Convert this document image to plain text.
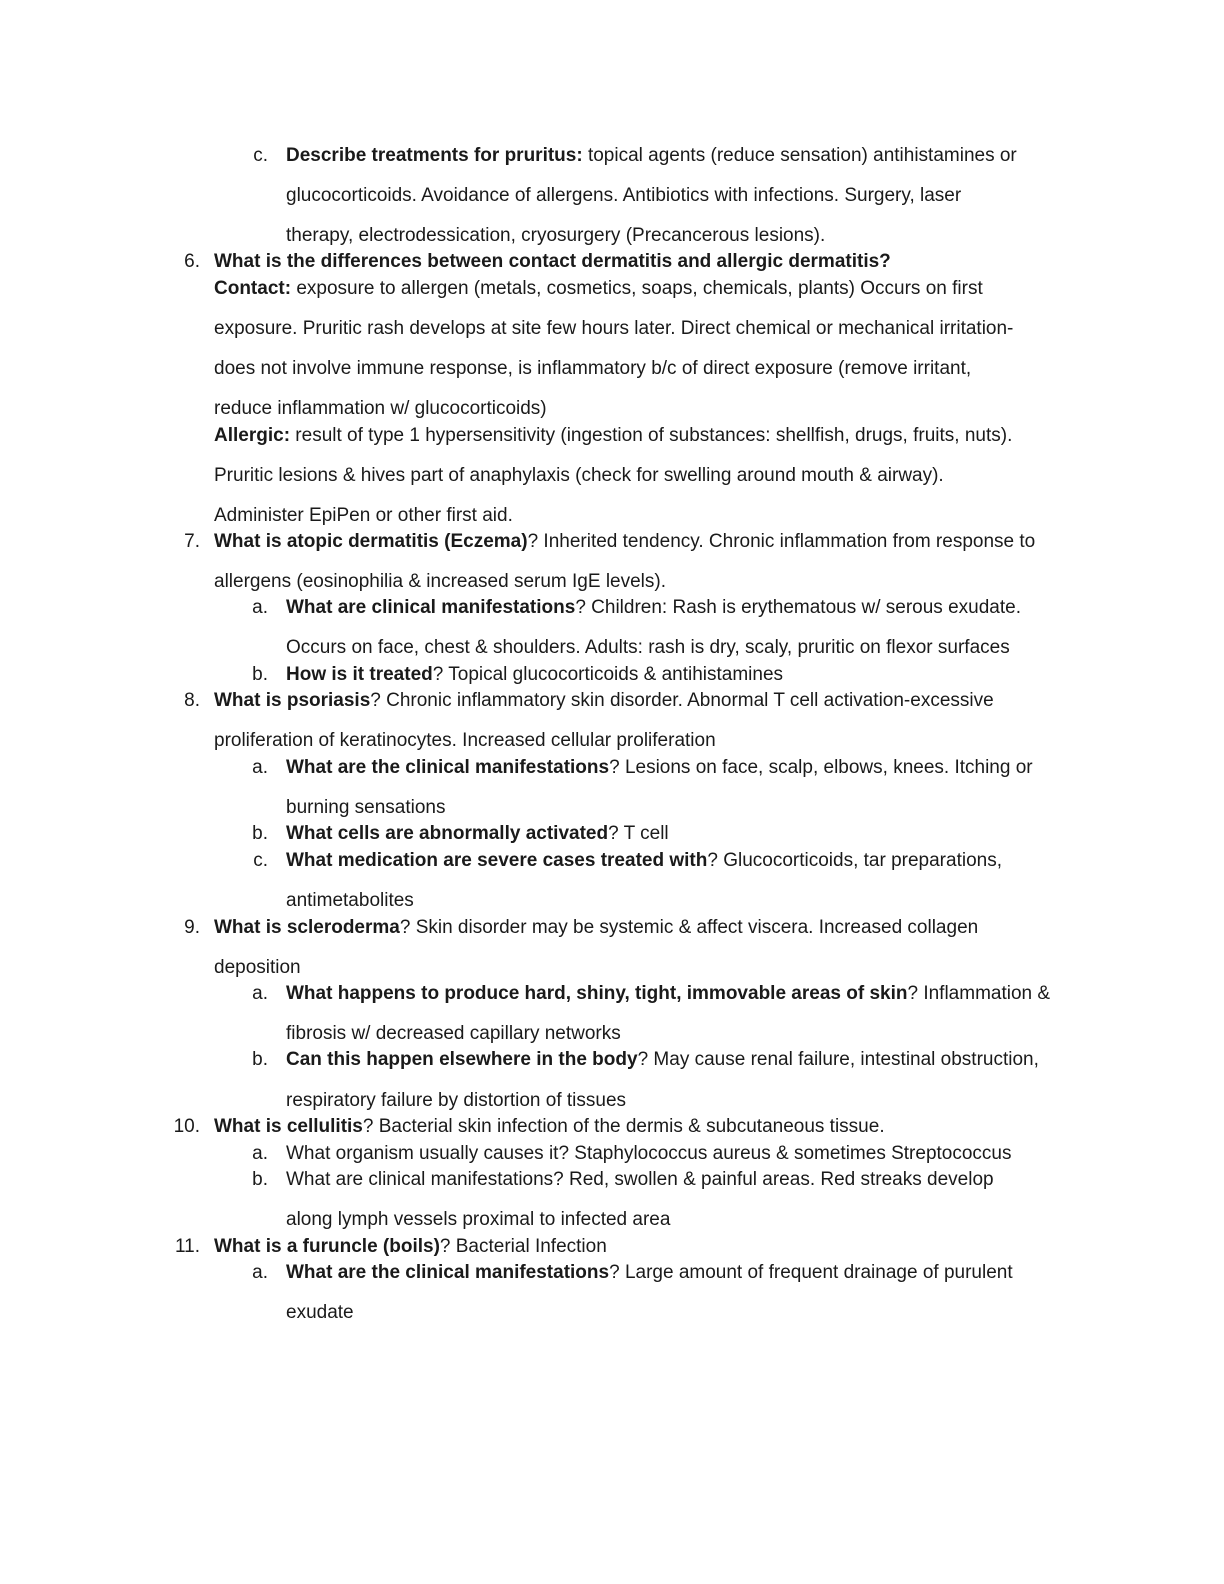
c. Describe treatments for pruritus: topical agents (reduce sensation) antihistamines or
glucocorticoids. Avoidance of allergens. Antibiotics with infections. Surgery, laser
therapy, electrodessication, cryosurgery (Precancerous lesions).
6. What is the differences between contact dermatitis and allergic dermatitis?
Contact: exposure to allergen (metals, cosmetics, soaps, chemicals, plants) Occurs on first
exposure. Pruritic rash develops at site few hours later. Direct chemical or mechanical irritation-
does not involve immune response, is inflammatory b/c of direct exposure (remove irritant,
reduce inflammation w/ glucocorticoids)
Allergic: result of type 1 hypersensitivity (ingestion of substances: shellfish, drugs, fruits, nuts).
Pruritic lesions & hives part of anaphylaxis (check for swelling around mouth & airway).
Administer EpiPen or other first aid.
7. What is atopic dermatitis (Eczema)? Inherited tendency. Chronic inflammation from response to
allergens (eosinophilia & increased serum IgE levels).
a. What are clinical manifestations? Children: Rash is erythematous w/ serous exudate.
Occurs on face, chest & shoulders. Adults: rash is dry, scaly, pruritic on flexor surfaces
b. How is it treated? Topical glucocorticoids & antihistamines
8. What is psoriasis? Chronic inflammatory skin disorder. Abnormal T cell activation-excessive
proliferation of keratinocytes. Increased cellular proliferation
a. What are the clinical manifestations? Lesions on face, scalp, elbows, knees. Itching or
burning sensations
b. What cells are abnormally activated? T cell
c. What medication are severe cases treated with? Glucocorticoids, tar preparations,
antimetabolites
9. What is scleroderma? Skin disorder may be systemic & affect viscera. Increased collagen
deposition
a. What happens to produce hard, shiny, tight, immovable areas of skin? Inflammation &
fibrosis w/ decreased capillary networks
b. Can this happen elsewhere in the body? May cause renal failure, intestinal obstruction,
respiratory failure by distortion of tissues
10. What is cellulitis? Bacterial skin infection of the dermis & subcutaneous tissue.
a. What organism usually causes it? Staphylococcus aureus & sometimes Streptococcus
b. What are clinical manifestations? Red, swollen & painful areas. Red streaks develop
along lymph vessels proximal to infected area
11. What is a furuncle (boils)? Bacterial Infection
a. What are the clinical manifestations? Large amount of frequent drainage of purulent
exudate
